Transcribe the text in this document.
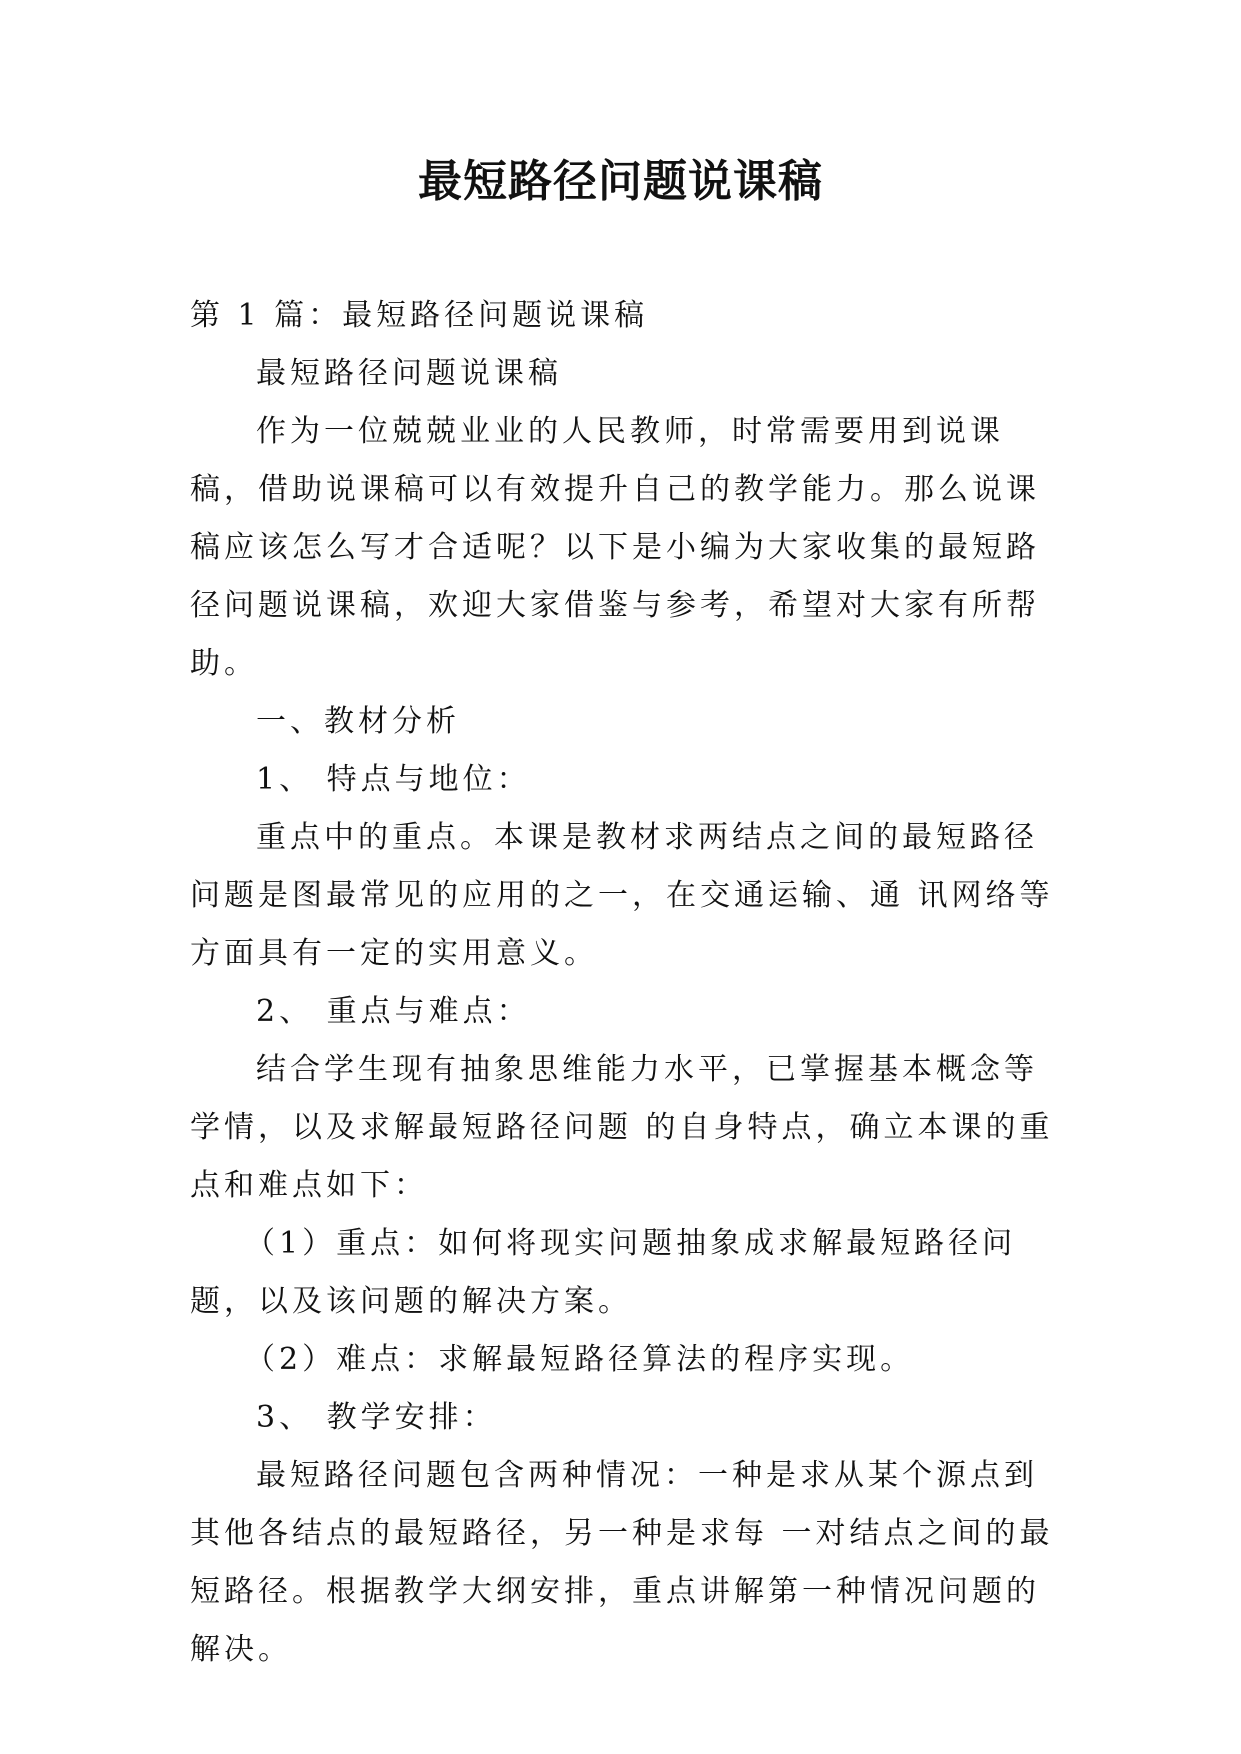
最短路径问题说课稿

第 1 篇：最短路径问题说课稿

最短路径问题说课稿

作为一位兢兢业业的人民教师，时常需要用到说课稿，借助说课稿可以有效提升自己的教学能力。那么说课稿应该怎么写才合适呢？以下是小编为大家收集的最短路径问题说课稿，欢迎大家借鉴与参考，希望对大家有所帮助。

一、教材分析

1、 特点与地位：

重点中的重点。本课是教材求两结点之间的最短路径问题是图最常见的应用的之一，在交通运输、通 讯网络等方面具有一定的实用意义。

2、 重点与难点：

结合学生现有抽象思维能力水平，已掌握基本概念等学情，以及求解最短路径问题 的自身特点，确立本课的重点和难点如下：

（1）重点：如何将现实问题抽象成求解最短路径问题，以及该问题的解决方案。

（2）难点：求解最短路径算法的程序实现。

3、 教学安排：

最短路径问题包含两种情况：一种是求从某个源点到其他各结点的最短路径，另一种是求每 一对结点之间的最短路径。根据教学大纲安排，重点讲解第一种情况问题的解决。
